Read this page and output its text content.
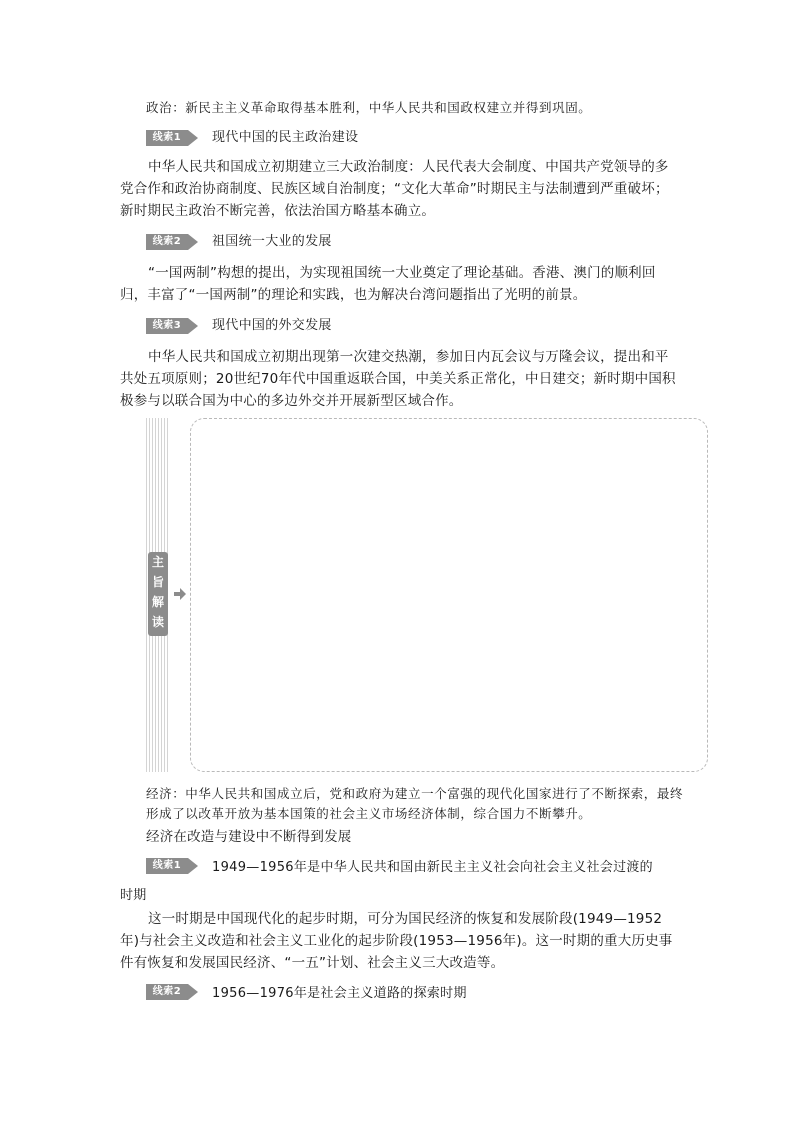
政治：新民主主义革命取得基本胜利，中华人民共和国政权建立并得到巩固。
线索1	现代中国的民主政治建设
中华人民共和国成立初期建立三大政治制度：人民代表大会制度、中国共产党领导的多党合作和政治协商制度、民族区域自治制度；“文化大革命”时期民主与法制遭到严重破坏；新时期民主政治不断完善，依法治国方略基本确立。
线索2	祖国统一大业的发展
“一国两制”构想的提出，为实现祖国统一大业奠定了理论基础。香港、澳门的顺利回归，丰富了“一国两制”的理论和实践，也为解决台湾问题指出了光明的前景。
线索3	现代中国的外交发展
中华人民共和国成立初期出现第一次建交热潮，参加日内瓦会议与万隆会议，提出和平共处五项原则；20世纪70年代中国重返联合国，中美关系正常化，中日建交；新时期中国积极参与以联合国为中心的多边外交并开展新型区域合作。
主
旨
解
读
经济：中华人民共和国成立后，党和政府为建立一个富强的现代化国家进行了不断探索，最终形成了以改革开放为基本国策的社会主义市场经济体制，综合国力不断攀升。
经济在改造与建设中不断得到发展
线索1	1949—1956年是中华人民共和国由新民主主义社会向社会主义社会过渡的
时期
这一时期是中国现代化的起步时期，可分为国民经济的恢复和发展阶段(1949—1952年)与社会主义改造和社会主义工业化的起步阶段(1953—1956年)。这一时期的重大历史事件有恢复和发展国民经济、“一五”计划、社会主义三大改造等。
线索2	1956—1976年是社会主义道路的探索时期
